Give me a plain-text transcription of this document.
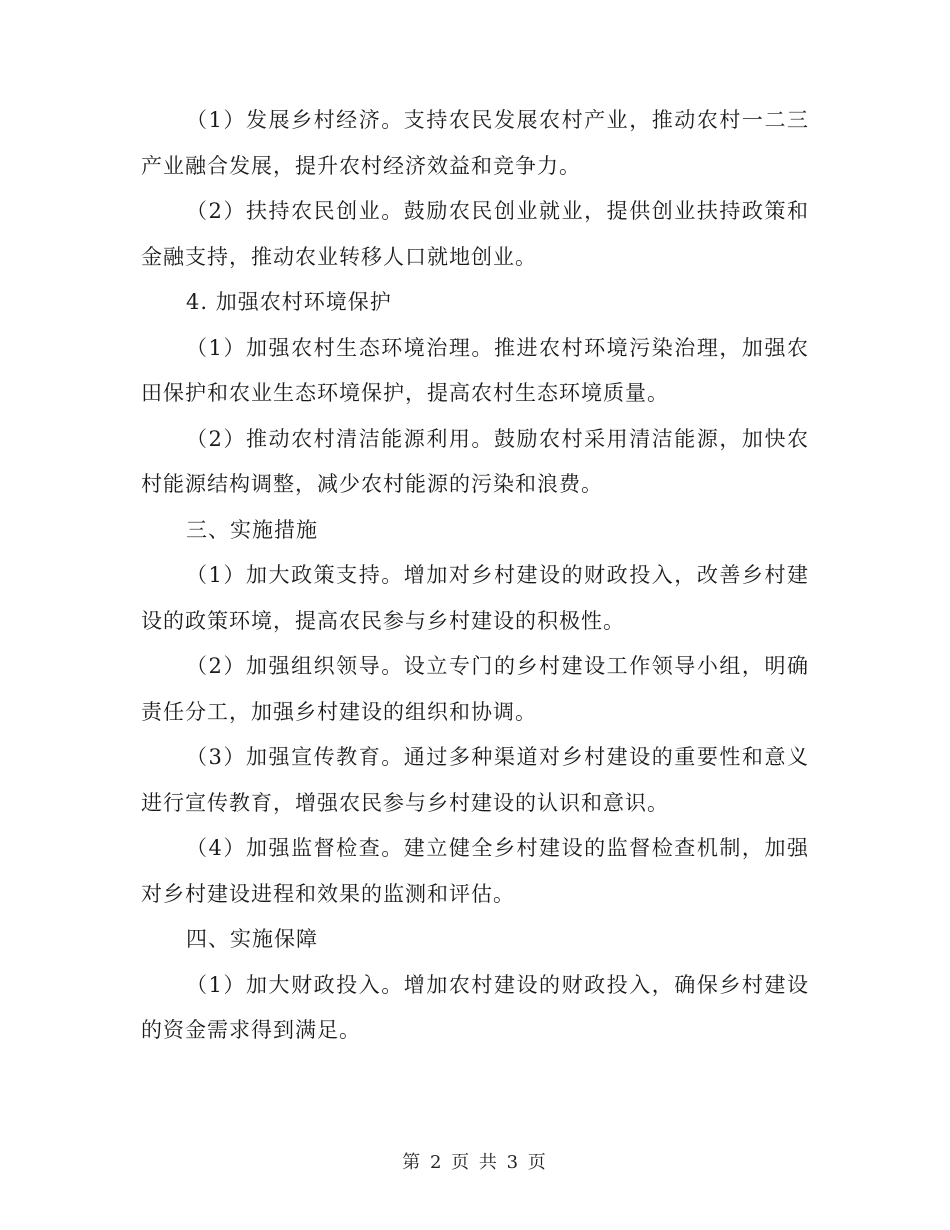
（1）发展乡村经济。支持农民发展农村产业，推动农村一二三产业融合发展，提升农村经济效益和竞争力。

（2）扶持农民创业。鼓励农民创业就业，提供创业扶持政策和金融支持，推动农业转移人口就地创业。

4. 加强农村环境保护

（1）加强农村生态环境治理。推进农村环境污染治理，加强农田保护和农业生态环境保护，提高农村生态环境质量。

（2）推动农村清洁能源利用。鼓励农村采用清洁能源，加快农村能源结构调整，减少农村能源的污染和浪费。

三、实施措施

（1）加大政策支持。增加对乡村建设的财政投入，改善乡村建设的政策环境，提高农民参与乡村建设的积极性。

（2）加强组织领导。设立专门的乡村建设工作领导小组，明确责任分工，加强乡村建设的组织和协调。

（3）加强宣传教育。通过多种渠道对乡村建设的重要性和意义进行宣传教育，增强农民参与乡村建设的认识和意识。

（4）加强监督检查。建立健全乡村建设的监督检查机制，加强对乡村建设进程和效果的监测和评估。

四、实施保障

（1）加大财政投入。增加农村建设的财政投入，确保乡村建设的资金需求得到满足。

第 2 页 共 3 页
